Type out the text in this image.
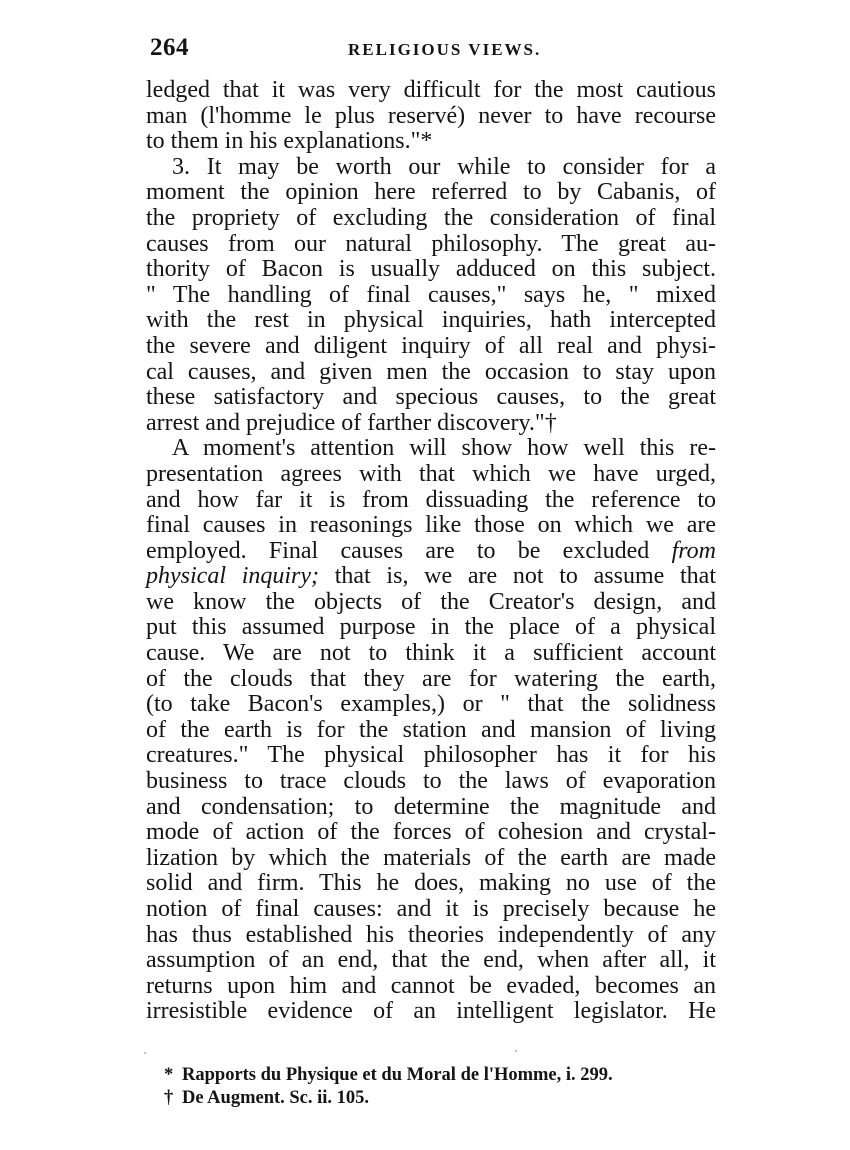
264	RELIGIOUS VIEWS.
ledged that it was very difficult for the most cautious
man (l'homme le plus reservé) never to have recourse
to them in his explanations."*
3. It may be worth our while to consider for a
moment the opinion here referred to by Cabanis, of
the propriety of excluding the consideration of final
causes from our natural philosophy. The great au-
thority of Bacon is usually adduced on this subject.
" The handling of final causes," says he, " mixed
with the rest in physical inquiries, hath intercepted
the severe and diligent inquiry of all real and physi-
cal causes, and given men the occasion to stay upon
these satisfactory and specious causes, to the great
arrest and prejudice of farther discovery."†
A moment's attention will show how well this re-
presentation agrees with that which we have urged,
and how far it is from dissuading the reference to
final causes in reasonings like those on which we are
employed. Final causes are to be excluded from
physical inquiry; that is, we are not to assume that
we know the objects of the Creator's design, and
put this assumed purpose in the place of a physical
cause. We are not to think it a sufficient account
of the clouds that they are for watering the earth,
(to take Bacon's examples,) or " that the solidness
of the earth is for the station and mansion of living
creatures." The physical philosopher has it for his
business to trace clouds to the laws of evaporation
and condensation; to determine the magnitude and
mode of action of the forces of cohesion and crystal-
lization by which the materials of the earth are made
solid and firm. This he does, making no use of the
notion of final causes: and it is precisely because he
has thus established his theories independently of any
assumption of an end, that the end, when after all, it
returns upon him and cannot be evaded, becomes an
irresistible evidence of an intelligent legislator. He
* Rapports du Physique et du Moral de l'Homme, i. 299.
† De Augment. Sc. ii. 105.
